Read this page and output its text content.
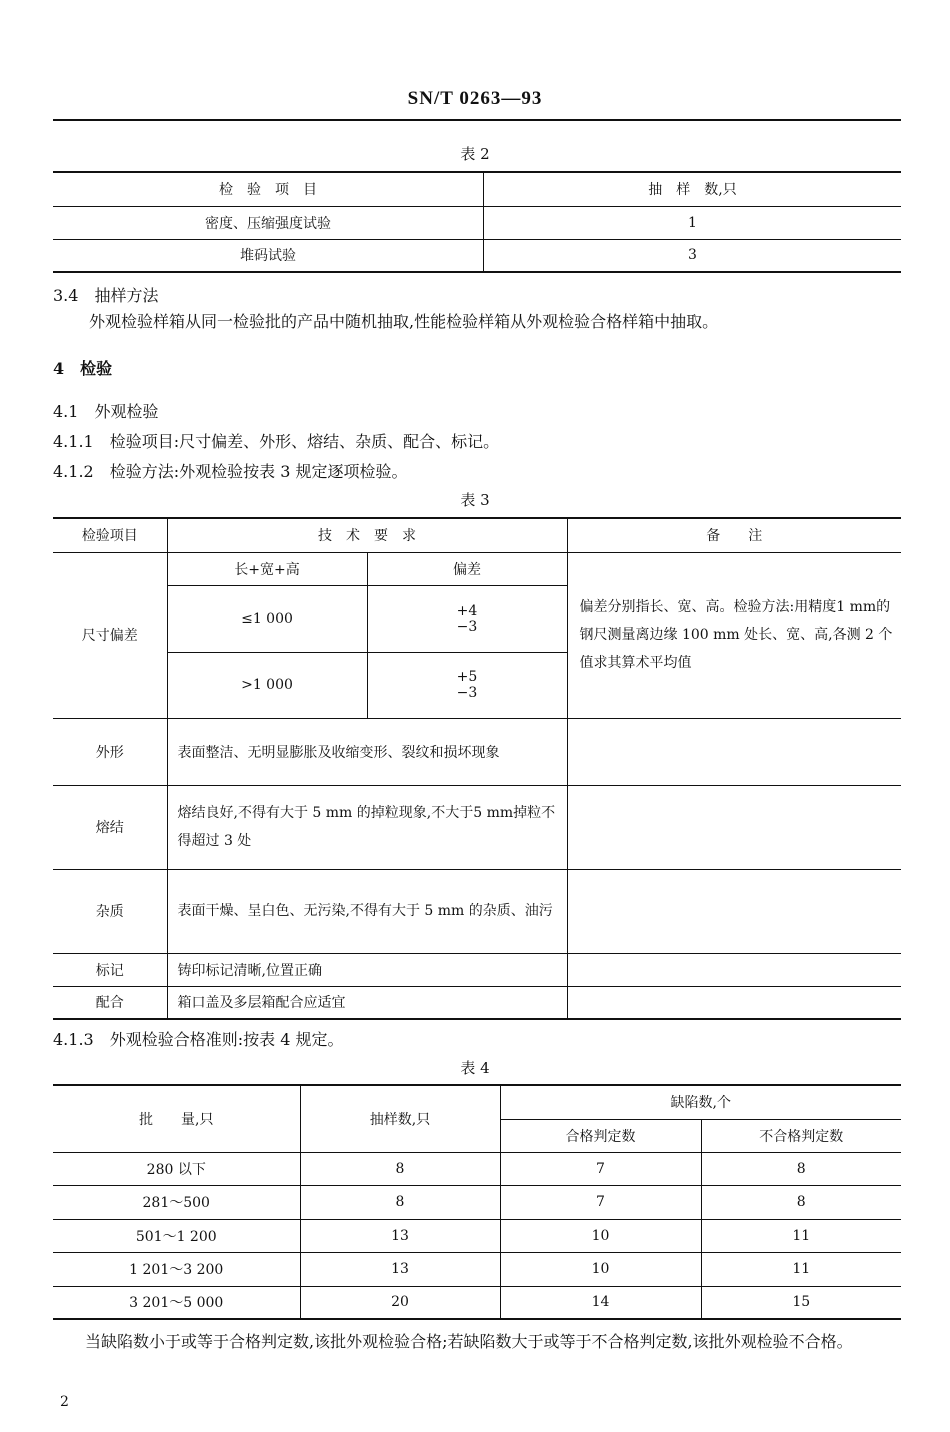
SN/T 0263—93
表 2
检　验　项　目	抽　样　数,只
密度、压缩强度试验	1
堆码试验	3
3.4　抽样方法
外观检验样箱从同一检验批的产品中随机抽取,性能检验样箱从外观检验合格样箱中抽取。
4　检验
4.1　外观检验
4.1.1　检验项目:尺寸偏差、外形、熔结、杂质、配合、标记。
4.1.2　检验方法:外观检验按表 3 规定逐项检验。
表 3
检验项目	技　术　要　求		备　　注
尺寸偏差	长+宽+高	偏差	偏差分别指长、宽、高。检验方法:用精度1 mm的钢尺测量离边缘 100 mm 处长、宽、高,各测 2 个值求其算术平均值
	≤1 000	+4
−3	

	>1 000	+5
−3	

外形	表面整洁、无明显膨胀及收缩变形、裂纹和损坏现象		
熔结	熔结良好,不得有大于 5 mm 的掉粒现象,不大于5 mm掉粒不得超过 3 处		
杂质	表面干燥、呈白色、无污染,不得有大于 5 mm 的杂质、油污		
标记	铸印标记清晰,位置正确		
配合	箱口盖及多层箱配合应适宜		
4.1.3　外观检验合格准则:按表 4 规定。
表 4
批　　量,只	抽样数,只	缺陷数,个	
		合格判定数	不合格判定数
280 以下	8	7	8
281～500	8	7	8
501～1 200	13	10	11
1 201～3 200	13	10	11
3 201～5 000	20	14	15
当缺陷数小于或等于合格判定数,该批外观检验合格;若缺陷数大于或等于不合格判定数,该批外观检验不合格。
2
